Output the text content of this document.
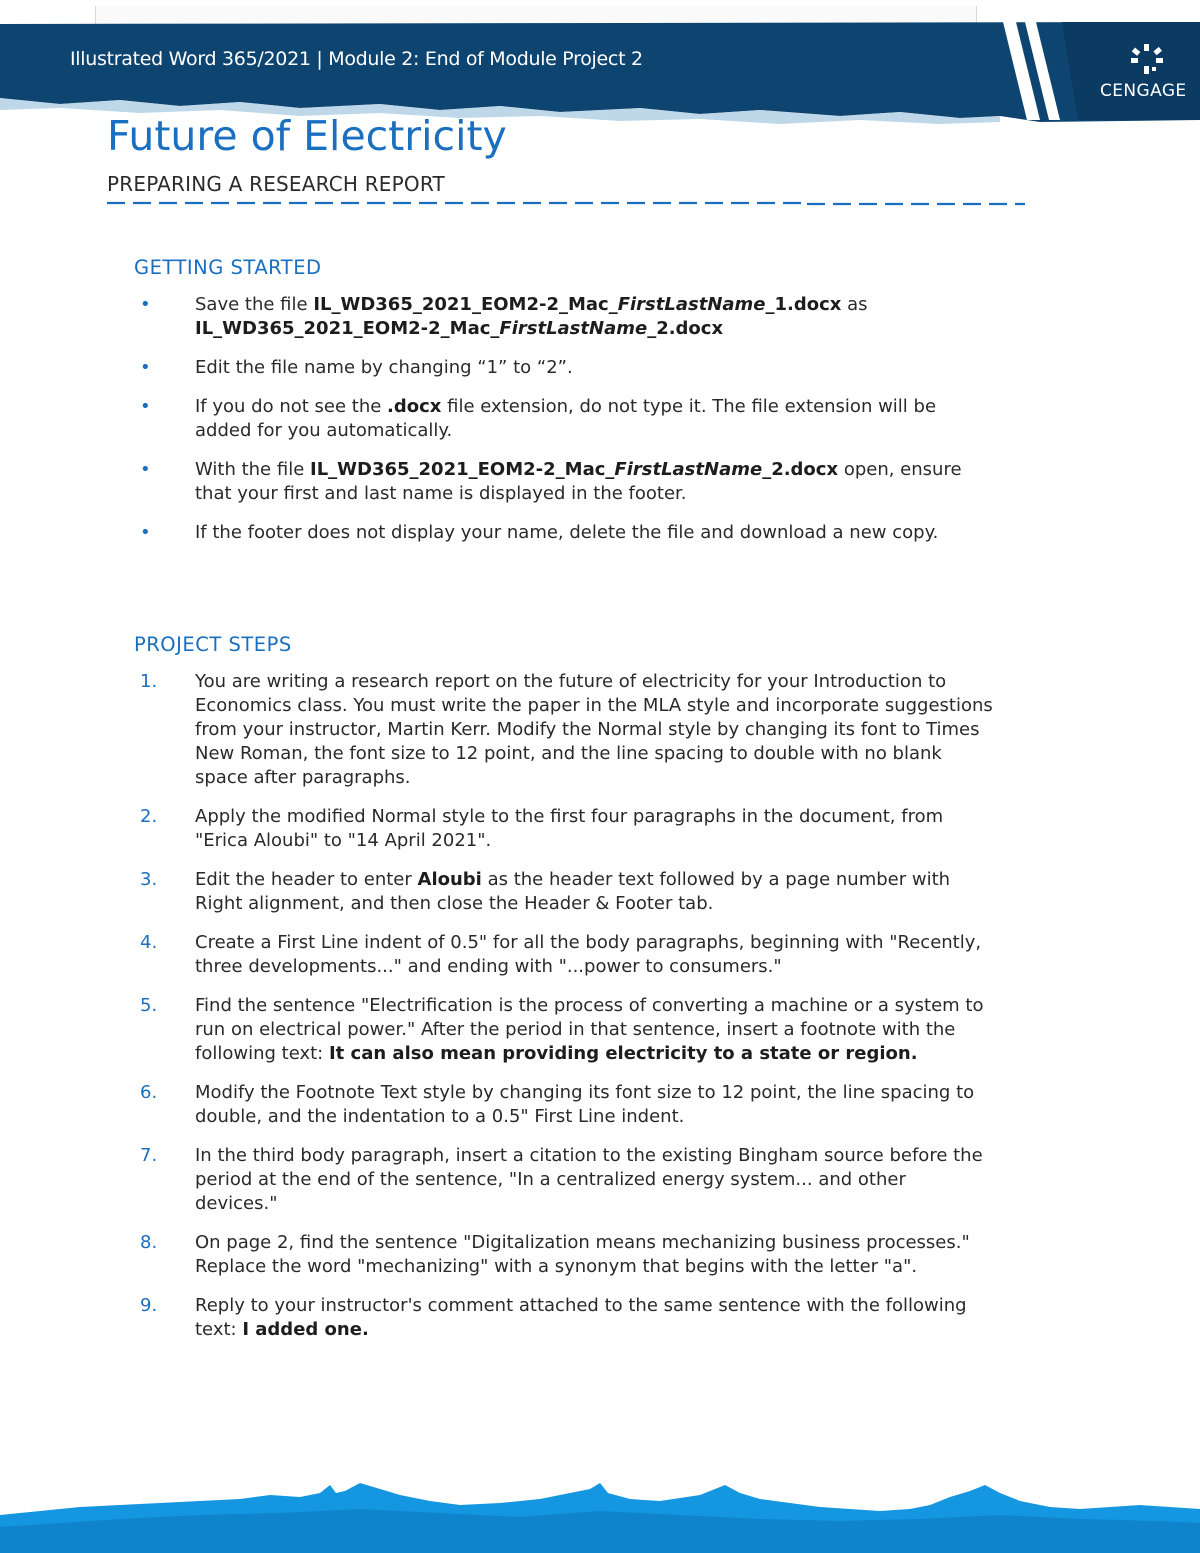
Illustrated Word 365/2021 | Module 2: End of Module Project 2
CENGAGE
Future of Electricity
PREPARING A RESEARCH REPORT
GETTING STARTED
• Save the file IL_WD365_2021_EOM2-2_Mac_FirstLastName_1.docx as
IL_WD365_2021_EOM2-2_Mac_FirstLastName_2.docx
• Edit the file name by changing “1” to “2”.
• If you do not see the .docx file extension, do not type it. The file extension will be added for you automatically.
• With the file IL_WD365_2021_EOM2-2_Mac_FirstLastName_2.docx open, ensure that your first and last name is displayed in the footer.
• If the footer does not display your name, delete the file and download a new copy.
PROJECT STEPS
1. You are writing a research report on the future of electricity for your Introduction to Economics class. You must write the paper in the MLA style and incorporate suggestions from your instructor, Martin Kerr. Modify the Normal style by changing its font to Times New Roman, the font size to 12 point, and the line spacing to double with no blank space after paragraphs.
2. Apply the modified Normal style to the first four paragraphs in the document, from "Erica Aloubi" to "14 April 2021".
3. Edit the header to enter Aloubi as the header text followed by a page number with Right alignment, and then close the Header & Footer tab.
4. Create a First Line indent of 0.5" for all the body paragraphs, beginning with "Recently, three developments..." and ending with "...power to consumers."
5. Find the sentence "Electrification is the process of converting a machine or a system to run on electrical power." After the period in that sentence, insert a footnote with the following text: It can also mean providing electricity to a state or region.
6. Modify the Footnote Text style by changing its font size to 12 point, the line spacing to double, and the indentation to a 0.5" First Line indent.
7. In the third body paragraph, insert a citation to the existing Bingham source before the period at the end of the sentence, "In a centralized energy system... and other devices."
8. On page 2, find the sentence "Digitalization means mechanizing business processes." Replace the word "mechanizing" with a synonym that begins with the letter "a".
9. Reply to your instructor's comment attached to the same sentence with the following text: I added one.
